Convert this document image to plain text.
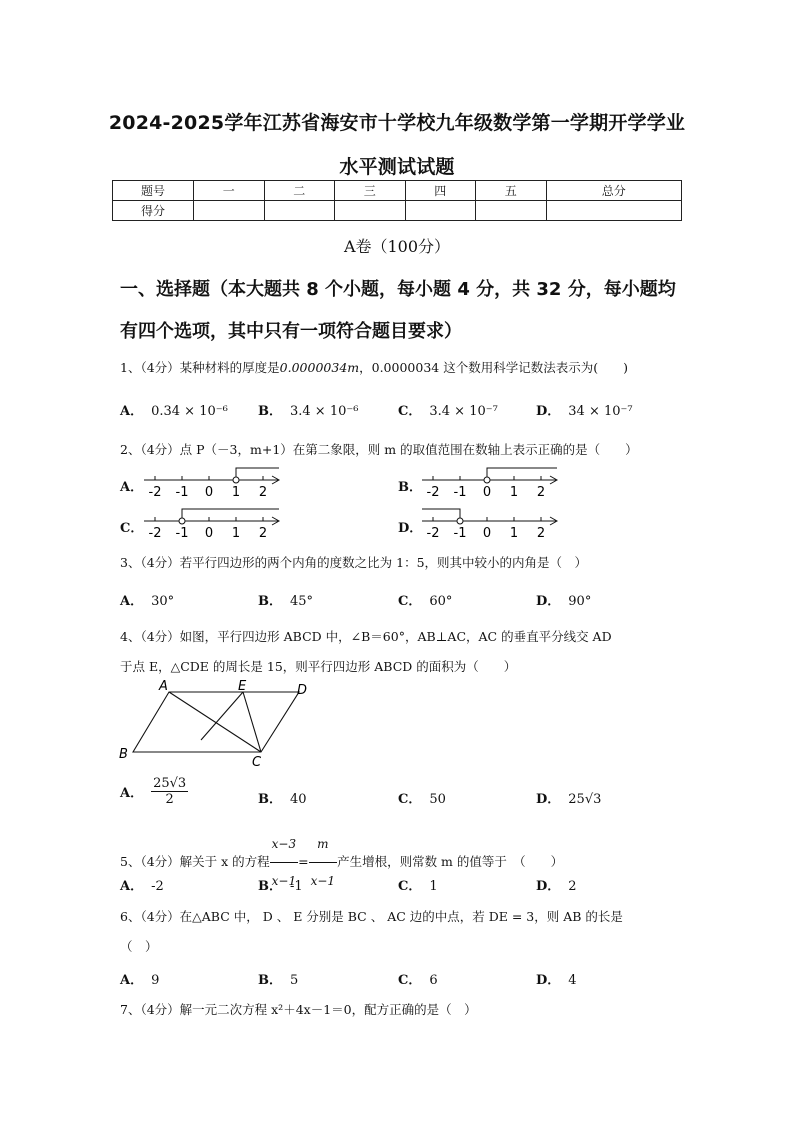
2024-2025学年江苏省海安市十学校九年级数学第一学期开学学业
水平测试试题
题号	一	二	三	四	五	总分
得分						
A卷（100分）
一、选择题（本大题共 8 个小题，每小题 4 分，共 32 分，每小题均
有四个选项，其中只有一项符合题目要求）
1、（4分）某种材料的厚度是0.0000034m，0.0000034 这个数用科学记数法表示为(　　)
A． 0.34 × 10⁻⁶ B． 3.4 × 10⁻⁶	C． 3.4 × 10⁻⁷	D． 34 × 10⁻⁷
2、（4分）点 P（－3，m+1）在第二象限，则 m 的取值范围在数轴上表示正确的是（　　）
A．	B．
C．	D．
-2 -1 0 1 2	-2 -1 0 1 2
-2 -1 0 1 2	-2 -1 0 1 2
3、（4分）若平行四边形的两个内角的度数之比为 1：5，则其中较小的内角是（　）
A． 30°	B． 45°	C． 60°	D． 90°
4、（4分）如图，平行四边形 ABCD 中，∠B＝60°，AB⊥AC，AC 的垂直平分线交 AD
于点 E，△CDE 的周长是 15，则平行四边形 ABCD 的面积为（　　）
A	E	D
B
C
A． $\frac{25√3}{2}$	B． 40	C． 50	D． 25√3
5、（4分）解关于 x 的方程 $\frac{x-3}{x-1} = \frac{m}{x-1}$ 产生增根，则常数 m 的值等于　（　　）
A． -2	B． -1	C． 1	D． 2
6、（4分）在△ABC 中， D 、 E 分别是 BC 、 AC 边的中点，若 DE = 3，则 AB 的长是
（　）
A． 9	B． 5	C． 6	D． 4
7、（4分）解一元二次方程 x²＋4x－1＝0，配方正确的是（　）
